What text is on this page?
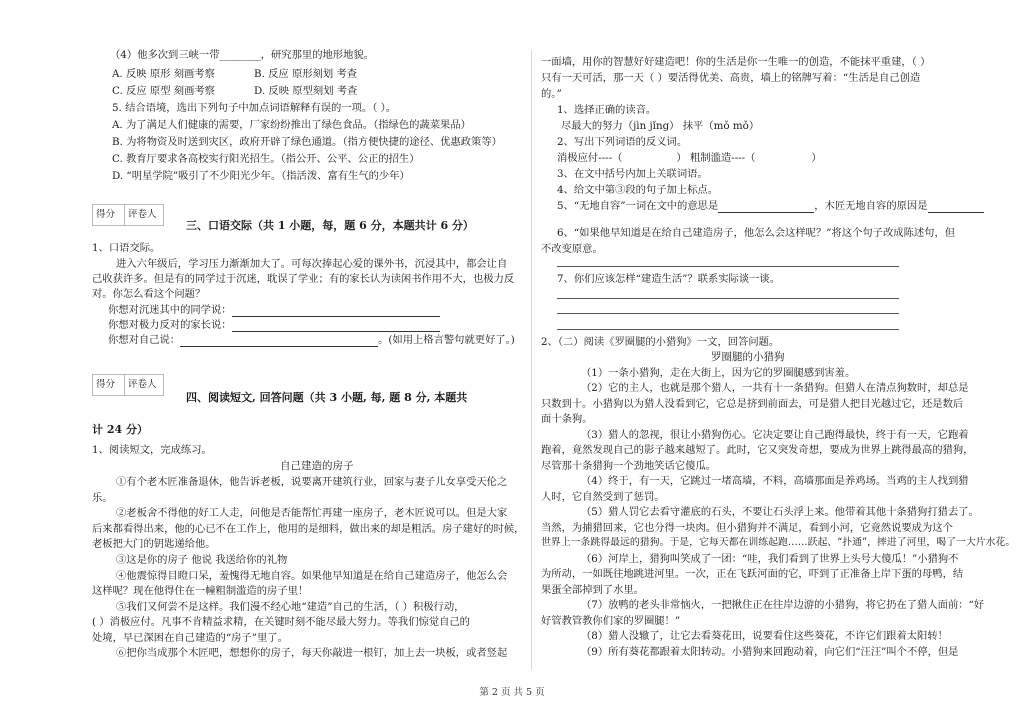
（4）他多次到三峡一带________，研究那里的地形地貌。
A. 反映 原形 刻画考察	B. 反应 原形刻划 考查
C. 反应 原型 刻画考察	D. 反映 原型刻划 考查
5. 结合语境，选出下列句子中加点词语解释有误的一项。（ ）。
A. 为了满足人们健康的需要，厂家纷纷推出了绿色食品。（指绿色的蔬菜果品）
B. 为将物资及时送到灾区，政府开辟了绿色通道。（指方便快捷的途径、优惠政策等）
C. 教育厅要求各高校实行阳光招生。（指公开、公平、公正的招生）
D. “明星学院”吸引了不少阳光少年。（指活泼、富有生气的少年）
得分	评卷人
三、口语交际（共 1 小题，每，题 6 分，本题共计 6 分）
1、口语交际。
进入六年级后，学习压力渐渐加大了。可每次捧起心爱的课外书，沉浸其中，都会让自
己收获许多。但是有的同学过于沉迷，耽误了学业；有的家长认为读闲书作用不大，也极力反
对。你怎么看这个问题？
你想对沉迷其中的同学说：
你想对极力反对的家长说：
你想对自己说：	。(如用上格言警句就更好了。)
得分	评卷人
四、阅读短文, 回答问题（共 3 小题, 每, 题 8 分, 本题共
计 24 分）
1、阅读短文，完成练习。
自己建造的房子
①有个老木匠准备退休，他告诉老板，说要离开建筑行业，回家与妻子儿女享受天伦之
乐。
②老板舍不得他的好工人走，问他是否能帮忙再建一座房子，老木匠说可以。但是大家
后来都看得出来，他的心已不在工作上，他用的是细料，做出来的却是粗活。房子建好的时候，
老板把大门的钥匙递给他。
③这是你的房子 他说 我送给你的礼物
④他震惊得目瞪口呆，羞愧得无地自容。如果他早知道是在给自己建造房子，他怎么会
这样呢？现在他得住在一幢粗制滥造的房子里！
⑤我们又何尝不是这样。我们漫不经心地“建造”自己的生活，（ ）积极行动，
( ）消极应付。凡事不肯精益求精，在关键时刻不能尽最大努力。等我们惊觉自己的
处境，早已深困在自己建造的“房子”里了。
⑥把你当成那个木匠吧，想想你的房子，每天你敲进一根钉，加上去一块板，或者竖起
一面墙，用你的智慧好好建造吧！你的生活是你一生唯一的创造，不能抹平重建，（ ）
只有一天可活，那一天（ ）要活得优美、高贵，墙上的铭牌写着：“生活是自己创造
的。”
1、选择正确的读音。
尽最大的努力（jìn jǐng） 抹平（mǒ mǒ）
2、写出下列词语的反义词。
消极应付----（	） 粗制滥造----（	）
3、在文中括号内加上关联词语。
4、给文中第③段的句子加上标点。
5、“无地自容”一词在文中的意思是	，木匠无地自容的原因是
6、“如果他早知道是在给自己建造房子，他怎么会这样呢？”将这个句子改成陈述句，但
不改变原意。
7、你们应该怎样“建造生活”？联系实际谈一谈。
2、（二）阅读《罗圈腿的小猎狗》一文，回答问题。
罗圈腿的小猎狗
（1）一条小猎狗，走在大街上，因为它的罗圈腿感到害羞。
（2）它的主人，也就是那个猎人，一共有十一条猎狗。但猎人在清点狗数时，却总是
只数到十。小猎狗以为猎人没看到它，它总是挤到前面去，可是猎人把目光越过它，还是数后
面十条狗。
（3）猎人的忽视，很让小猎狗伤心。它决定要让自己跑得最快，终于有一天，它跑着
跑着，竟然发现自己的影子越来越短了。此时，它又突发奇想，要成为世界上跳得最高的猎狗，
尽管那十条猎狗一个劲地笑话它傻瓜。
（4）终于，有一天，它跳过一堵高墙，不料，高墙那面是养鸡场。当鸡的主人找到猎
人时，它自然受到了惩罚。
（5）猎人罚它去看守灌底的石头，不要让石头浮上来。他带着其他十条猎狗打猎去了。
当然，为捕猎回来，它也分得一块肉。但小猎狗并不满足，看到小河，它竟然说要成为这个
世界上一条跳得最远的猎狗。于是，它每天都在训练起跑……跃起、“扑通”，摔进了河里，喝了一大片水花。
（6）河岸上，猎狗叫笑成了一团：“哇，我们看到了世界上头号大傻瓜！”小猎狗不
为所动，一如既往地跳进河里。一次，正在飞跃河面的它，吓到了正准备上岸下蛋的母鸭，结
果蛋全部掉到了水里。
（7）放鸭的老头非常恼火，一把揪住正在往岸边游的小猎狗，将它扔在了猎人面前：“好
好管教管教你们家的罗圈腿！”
（8）猎人没辙了，让它去看葵花田，说要看住这些葵花，不许它们跟着太阳转！
（9）所有葵花都跟着太阳转动。小猎狗来回跑动着，向它们“汪汪”叫个不停，但是
第 2 页 共 5 页
